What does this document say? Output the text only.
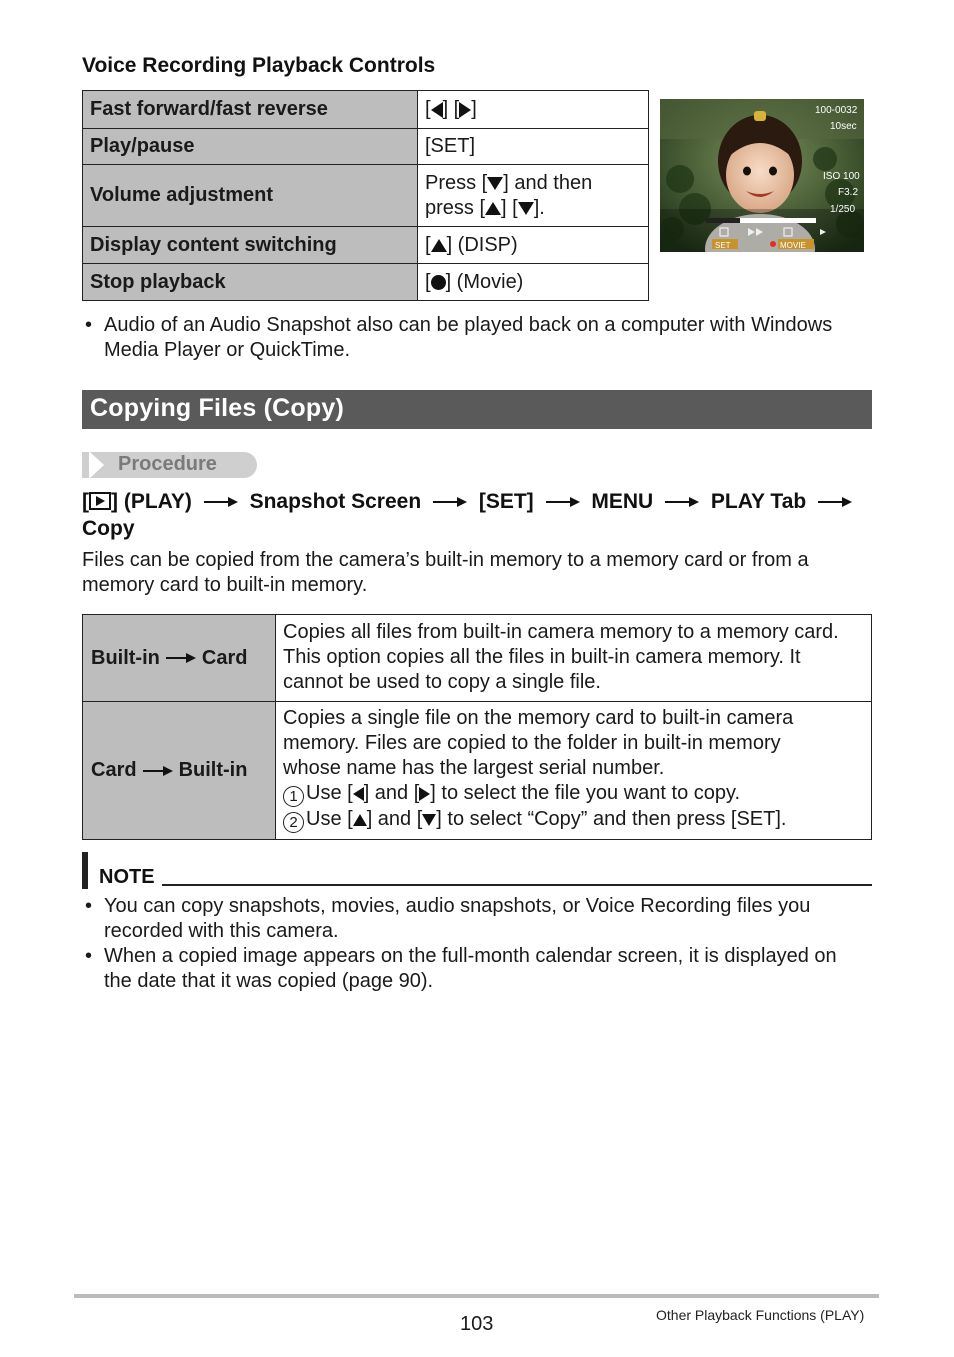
Voice Recording Playback Controls
Fast forward/fast reverse	[ ] [ ]
Play/pause	[SET]
Volume adjustment	Press [ ] and then
press [ ] [ ].

Display content switching	[ ] (DISP)
Stop playback	[ ] (Movie)
SET	MOVIE
100-0032
10sec
ISO 100
F3.2
1/250
• Audio of an Audio Snapshot also can be played back on a computer with Windows
Media Player or QuickTime.
Copying Files (Copy)
Procedure
[ ] (PLAY)	Snapshot Screen	[SET]	MENU	PLAY Tab
Copy
Files can be copied from the camera’s built-in memory to a memory card or from a
memory card to built-in memory.
Built-in Card	Copies all files from built-in camera memory to a memory card.
This option copies all the files in built-in camera memory. It
cannot be used to copy a single file.

Card Built-in	Copies a single file on the memory card to built-in camera
memory. Files are copied to the folder in built-in memory
whose name has the largest serial number.
1 Use [ ] and [ ] to select the file you want to copy.
2 Use [ ] and [ ] to select “Copy” and then press [SET].
NOTE
• You can copy snapshots, movies, audio snapshots, or Voice Recording files you
recorded with this camera.
• When a copied image appears on the full-month calendar screen, it is displayed on
the date that it was copied (page 90).
103	Other Playback Functions (PLAY)
